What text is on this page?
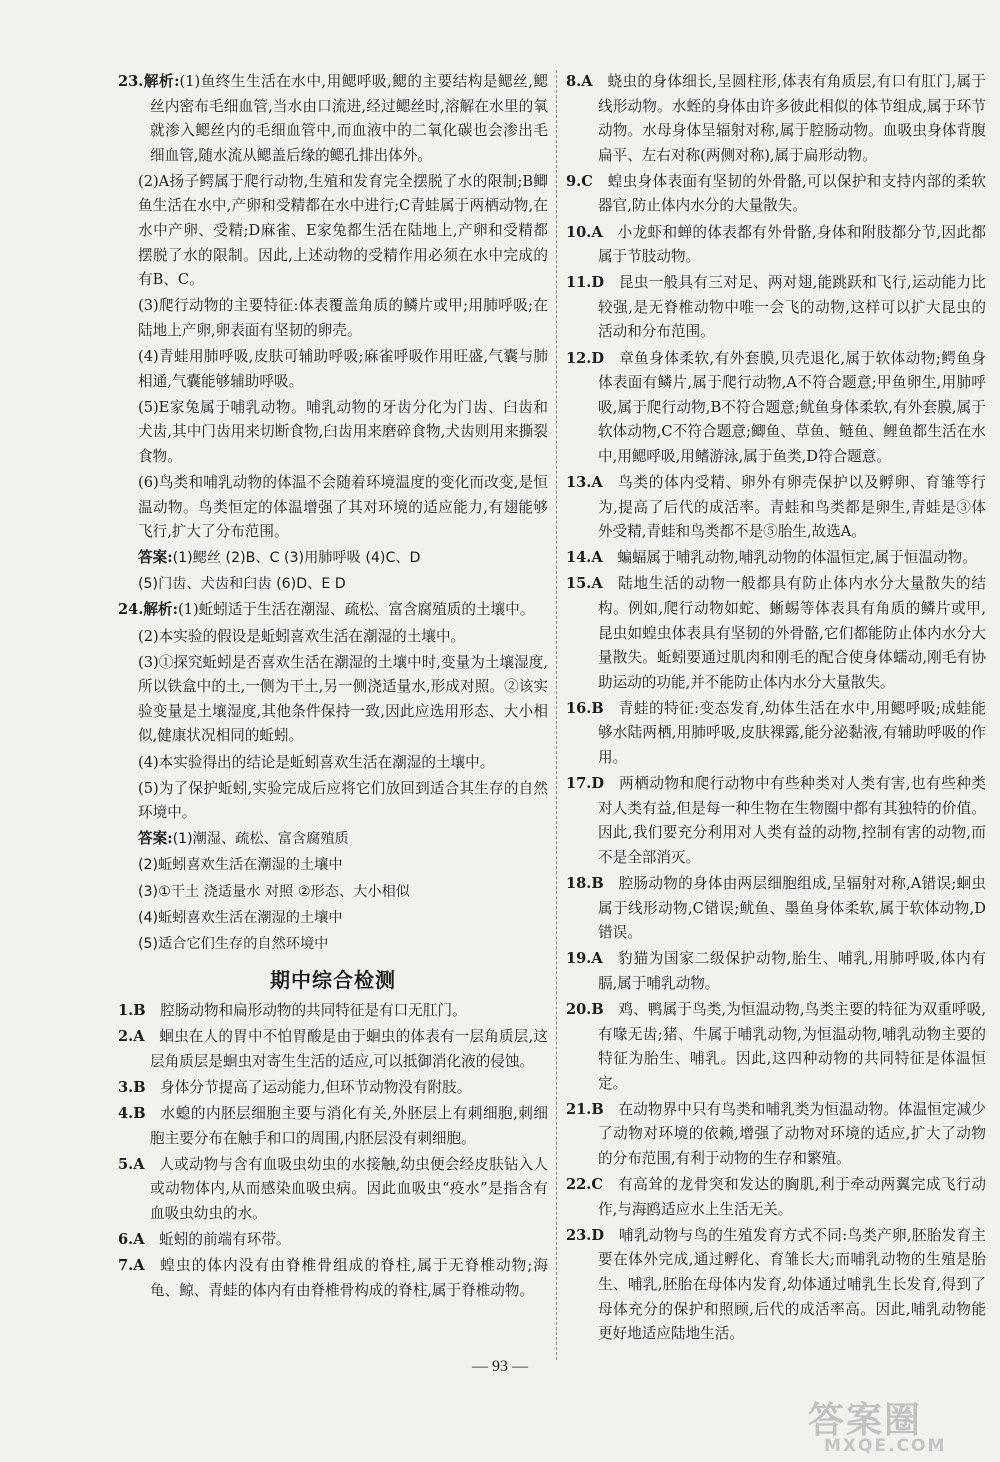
23.解析:(1)鱼终生生活在水中,用鳃呼吸,鳃的主要结构是鳃丝,鳃丝内密布毛细血管,当水由口流进,经过鳃丝时,溶解在水里的氧就渗入鳃丝内的毛细血管中,而血液中的二氧化碳也会渗出毛细血管,随水流从鳃盖后缘的鳃孔排出体外。
(2)A扬子鳄属于爬行动物,生殖和发育完全摆脱了水的限制;B鲫鱼生活在水中,产卵和受精都在水中进行;C青蛙属于两栖动物,在水中产卵、受精;D麻雀、E家兔都生活在陆地上,产卵和受精都摆脱了水的限制。因此,上述动物的受精作用必须在水中完成的有B、C。
(3)爬行动物的主要特征:体表覆盖角质的鳞片或甲;用肺呼吸;在陆地上产卵,卵表面有坚韧的卵壳。
(4)青蛙用肺呼吸,皮肤可辅助呼吸;麻雀呼吸作用旺盛,气囊与肺相通,气囊能够辅助呼吸。
(5)E家兔属于哺乳动物。哺乳动物的牙齿分化为门齿、臼齿和犬齿,其中门齿用来切断食物,臼齿用来磨碎食物,犬齿则用来撕裂食物。
(6)鸟类和哺乳动物的体温不会随着环境温度的变化而改变,是恒温动物。鸟类恒定的体温增强了其对环境的适应能力,有翅能够飞行,扩大了分布范围。
答案:(1)鳃丝 (2)B、C (3)用肺呼吸 (4)C、D
(5)门齿、犬齿和臼齿 (6)D、E D
24.解析:(1)蚯蚓适于生活在潮湿、疏松、富含腐殖质的土壤中。
(2)本实验的假设是蚯蚓喜欢生活在潮湿的土壤中。
(3)①探究蚯蚓是否喜欢生活在潮湿的土壤中时,变量为土壤湿度,所以铁盒中的土,一侧为干土,另一侧浇适量水,形成对照。②该实验变量是土壤湿度,其他条件保持一致,因此应选用形态、大小相似,健康状况相同的蚯蚓。
(4)本实验得出的结论是蚯蚓喜欢生活在潮湿的土壤中。
(5)为了保护蚯蚓,实验完成后应将它们放回到适合其生存的自然环境中。
答案:(1)潮湿、疏松、富含腐殖质
(2)蚯蚓喜欢生活在潮湿的土壤中
(3)①干土 浇适量水 对照 ②形态、大小相似
(4)蚯蚓喜欢生活在潮湿的土壤中
(5)适合它们生存的自然环境中
期中综合检测
1.B  腔肠动物和扁形动物的共同特征是有口无肛门。
2.A  蛔虫在人的胃中不怕胃酸是由于蛔虫的体表有一层角质层,这层角质层是蛔虫对寄生生活的适应,可以抵御消化液的侵蚀。
3.B  身体分节提高了运动能力,但环节动物没有附肢。
4.B  水螅的内胚层细胞主要与消化有关,外胚层上有刺细胞,刺细胞主要分布在触手和口的周围,内胚层没有刺细胞。
5.A  人或动物与含有血吸虫幼虫的水接触,幼虫便会经皮肤钻入人或动物体内,从而感染血吸虫病。因此血吸虫“疫水”是指含有血吸虫幼虫的水。
6.A  蚯蚓的前端有环带。
7.A  蝗虫的体内没有由脊椎骨组成的脊柱,属于无脊椎动物;海龟、鲸、青蛙的体内有由脊椎骨构成的脊柱,属于脊椎动物。
8.A  蛲虫的身体细长,呈圆柱形,体表有角质层,有口有肛门,属于线形动物。水蛭的身体由许多彼此相似的体节组成,属于环节动物。水母身体呈辐射对称,属于腔肠动物。血吸虫身体背腹扁平、左右对称(两侧对称),属于扁形动物。
9.C  蝗虫身体表面有坚韧的外骨骼,可以保护和支持内部的柔软器官,防止体内水分的大量散失。
10.A  小龙虾和蝉的体表都有外骨骼,身体和附肢都分节,因此都属于节肢动物。
11.D  昆虫一般具有三对足、两对翅,能跳跃和飞行,运动能力比较强,是无脊椎动物中唯一会飞的动物,这样可以扩大昆虫的活动和分布范围。
12.D  章鱼身体柔软,有外套膜,贝壳退化,属于软体动物;鳄鱼身体表面有鳞片,属于爬行动物,A不符合题意;甲鱼卵生,用肺呼吸,属于爬行动物,B不符合题意;鱿鱼身体柔软,有外套膜,属于软体动物,C不符合题意;鲫鱼、草鱼、鲢鱼、鲤鱼都生活在水中,用鳃呼吸,用鳍游泳,属于鱼类,D符合题意。
13.A  鸟类的体内受精、卵外有卵壳保护以及孵卵、育雏等行为,提高了后代的成活率。青蛙和鸟类都是卵生,青蛙是③体外受精,青蛙和鸟类都不是⑤胎生,故选A。
14.A  蝙蝠属于哺乳动物,哺乳动物的体温恒定,属于恒温动物。
15.A  陆地生活的动物一般都具有防止体内水分大量散失的结构。例如,爬行动物如蛇、蜥蜴等体表具有角质的鳞片或甲,昆虫如蝗虫体表具有坚韧的外骨骼,它们都能防止体内水分大量散失。蚯蚓要通过肌肉和刚毛的配合使身体蠕动,刚毛有协助运动的功能,并不能防止体内水分大量散失。
16.B  青蛙的特征:变态发育,幼体生活在水中,用鳃呼吸;成蛙能够水陆两栖,用肺呼吸,皮肤裸露,能分泌黏液,有辅助呼吸的作用。
17.D  两栖动物和爬行动物中有些种类对人类有害,也有些种类对人类有益,但是每一种生物在生物圈中都有其独特的价值。因此,我们要充分利用对人类有益的动物,控制有害的动物,而不是全部消灭。
18.B  腔肠动物的身体由两层细胞组成,呈辐射对称,A错误;蛔虫属于线形动物,C错误;鱿鱼、墨鱼身体柔软,属于软体动物,D错误。
19.A  豹猫为国家二级保护动物,胎生、哺乳,用肺呼吸,体内有膈,属于哺乳动物。
20.B  鸡、鸭属于鸟类,为恒温动物,鸟类主要的特征为双重呼吸,有喙无齿;猪、牛属于哺乳动物,为恒温动物,哺乳动物主要的特征为胎生、哺乳。因此,这四种动物的共同特征是体温恒定。
21.B  在动物界中只有鸟类和哺乳类为恒温动物。体温恒定减少了动物对环境的依赖,增强了动物对环境的适应,扩大了动物的分布范围,有利于动物的生存和繁殖。
22.C  有高耸的龙骨突和发达的胸肌,利于牵动两翼完成飞行动作,与海鸥适应水上生活无关。
23.D  哺乳动物与鸟的生殖发育方式不同:鸟类产卵,胚胎发育主要在体外完成,通过孵化、育雏长大;而哺乳动物的生殖是胎生、哺乳,胚胎在母体内发育,幼体通过哺乳生长发育,得到了母体充分的保护和照顾,后代的成活率高。因此,哺乳动物能更好地适应陆地生活。
— 93 —
答案圈
MXQE.COM
